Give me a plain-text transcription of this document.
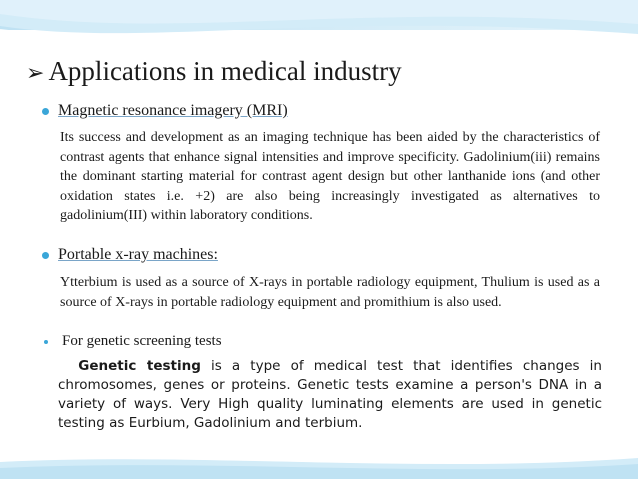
➢ Applications in medical industry
Magnetic resonance imagery (MRI)

Its success and development as an imaging technique has been aided by the characteristics of contrast agents that enhance signal intensities and improve specificity. Gadolinium(iii) remains the dominant starting material for contrast agent design but other lanthanide ions (and other oxidation states i.e. +2) are also being increasingly investigated as alternatives to gadolinium(III) within laboratory conditions.

Portable x-ray machines:

Ytterbium is used as a source of X-rays in portable radiology equipment, Thulium is used as a source of X-rays in portable radiology equipment and promithium is also used.

For genetic screening tests

Genetic testing is a type of medical test that identifies changes in chromosomes, genes or proteins. Genetic tests examine a person's DNA in a variety of ways. Very High quality luminating elements are used in genetic testing as Eurbium, Gadolinium and terbium.
